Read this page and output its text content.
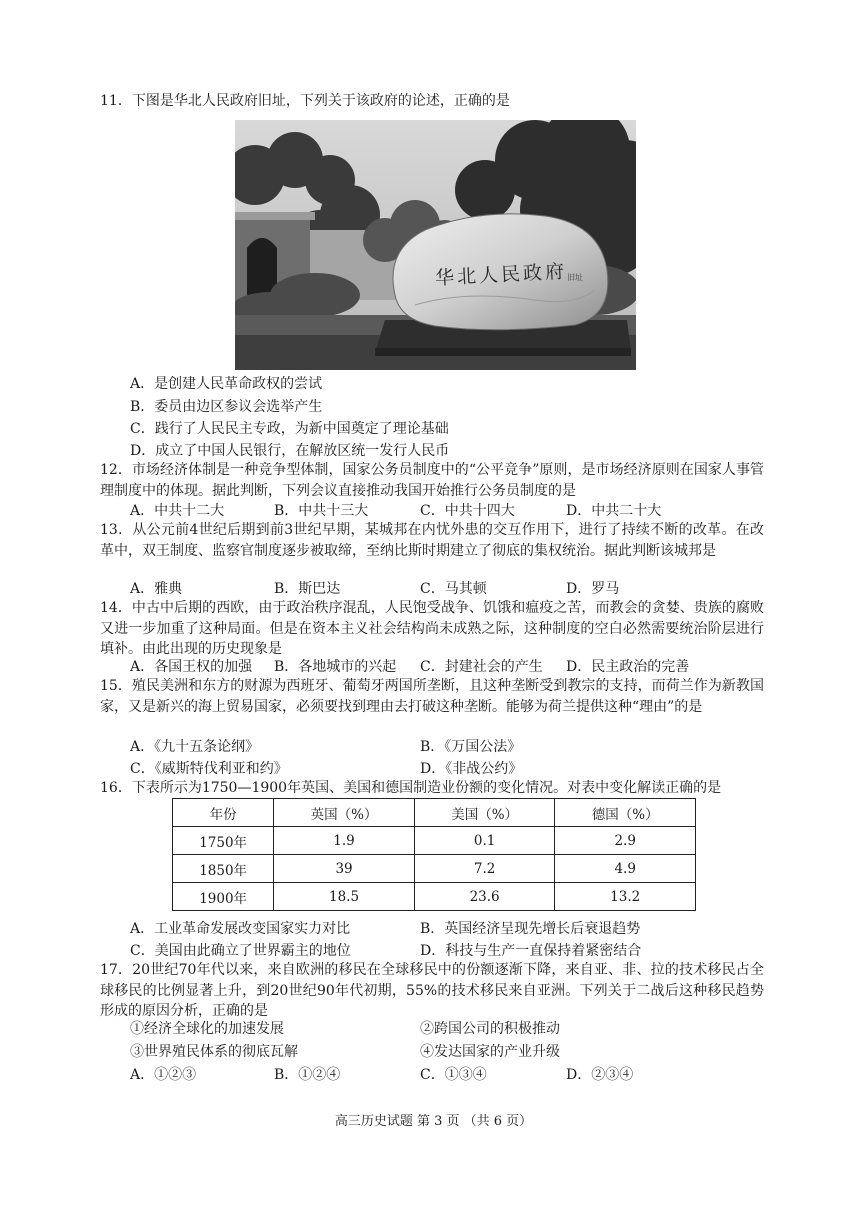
11．下图是华北人民政府旧址，下列关于该政府的论述，正确的是
华北人民政府 旧址
A．是创建人民革命政权的尝试
B．委员由边区参议会选举产生
C．践行了人民民主专政，为新中国奠定了理论基础
D．成立了中国人民银行，在解放区统一发行人民币
12．市场经济体制是一种竞争型体制，国家公务员制度中的“公平竞争”原则，是市场经济原则在国家人事管理制度中的体现。据此判断，下列会议直接推动我国开始推行公务员制度的是
A．中共十二大	B．中共十三大	C．中共十四大	D．中共二十大
13．从公元前4世纪后期到前3世纪早期，某城邦在内忧外患的交互作用下，进行了持续不断的改革。在改革中，双王制度、监察官制度逐步被取缔，至纳比斯时期建立了彻底的集权统治。据此判断该城邦是
A．雅典	B．斯巴达	C．马其顿	D．罗马
14．中古中后期的西欧，由于政治秩序混乱，人民饱受战争、饥饿和瘟疫之苦，而教会的贪婪、贵族的腐败又进一步加重了这种局面。但是在资本主义社会结构尚未成熟之际，这种制度的空白必然需要统治阶层进行填补。由此出现的历史现象是
A．各国王权的加强 B．各地城市的兴起 C．封建社会的产生 D．民主政治的完善
15．殖民美洲和东方的财源为西班牙、葡萄牙两国所垄断，且这种垄断受到教宗的支持，而荷兰作为新教国家，又是新兴的海上贸易国家，必须要找到理由去打破这种垄断。能够为荷兰提供这种“理由”的是
A．《九十五条论纲》	B．《万国公法》
C．《威斯特伐利亚和约》	D．《非战公约》
16．下表所示为1750—1900年英国、美国和德国制造业份额的变化情况。对表中变化解读正确的是
年份	英国（%）	美国（%）	德国（%）
1750年	1.9	0.1	2.9
1850年	39	7.2	4.9
1900年	18.5	23.6	13.2
A．工业革命发展改变国家实力对比	B．英国经济呈现先增长后衰退趋势
C．美国由此确立了世界霸主的地位	D．科技与生产一直保持着紧密结合
17．20世纪70年代以来，来自欧洲的移民在全球移民中的份额逐渐下降，来自亚、非、拉的技术移民占全球移民的比例显著上升，到20世纪90年代初期，55%的技术移民来自亚洲。下列关于二战后这种移民趋势形成的原因分析，正确的是
①经济全球化的加速发展	②跨国公司的积极推动
③世界殖民体系的彻底瓦解	④发达国家的产业升级
A．①②③	B．①②④	C．①③④	D．②③④
高三历史试题 第 3 页 （共 6 页）
